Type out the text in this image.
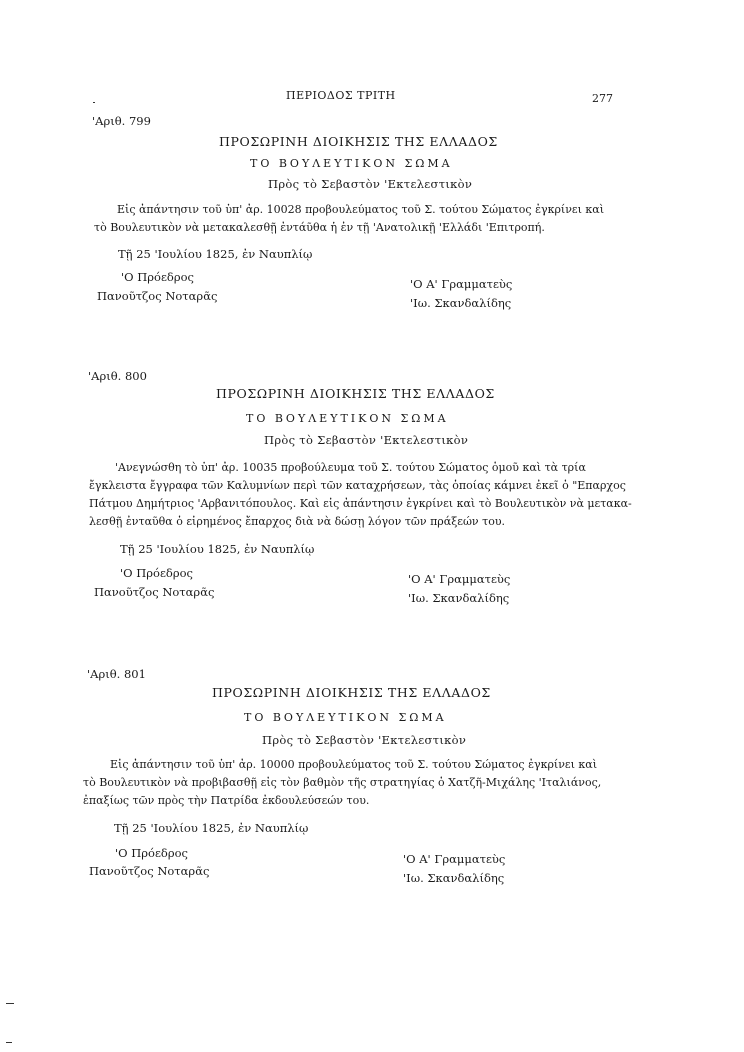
ΠΕΡΙΟΔΟΣ ΤΡΙΤΗ	277
'Αριθ. 799
ΠΡΟΣΩΡΙΝΗ ΔΙΟΙΚΗΣΙΣ ΤΗΣ ΕΛΛΑΔΟΣ
ΤΟ ΒΟΥΛΕΥΤΙΚΟΝ ΣΩΜΑ
Πρὸς τὸ Σεβαστὸν 'Εκτελεστικὸν
Εἰς ἀπάντησιν τοῦ ὑπ' ἀρ. 10028 προβουλεύματος τοῦ Σ. τούτου Σώματος ἐγκρίνει καὶ
τὸ Βουλευτικὸν νὰ μετακαλεσθῇ ἐντάῦθα ἡ ἐν τῇ 'Ανατολικῇ 'Ελλάδι 'Επιτροπή.
Τῇ 25 'Ιουλίου 1825, ἐν Ναυπλίῳ
'Ο Πρόεδρος
Πανοῦτζος Νοταρᾶς
'Ο Α' Γραμματεὺς
'Ιω. Σκανδαλίδης
'Αριθ. 800
ΠΡΟΣΩΡΙΝΗ ΔΙΟΙΚΗΣΙΣ ΤΗΣ ΕΛΛΑΔΟΣ
ΤΟ ΒΟΥΛΕΥΤΙΚΟΝ ΣΩΜΑ
Πρὸς τὸ Σεβαστὸν 'Εκτελεστικὸν
'Ανεγνώσθη τὸ ὑπ' ἀρ. 10035 προβούλευμα τοῦ Σ. τούτου Σώματος ὁμοῦ καὶ τὰ τρία
ἔγκλειστα ἔγγραφα τῶν Καλυμνίων περὶ τῶν καταχρήσεων, τὰς ὁποίας κάμνει ἐκεῖ ὁ "Επαρχος
Πάτμου Δημήτριος 'Αρβανιτόπουλος. Καὶ εἰς ἀπάντησιν ἐγκρίνει καὶ τὸ Βουλευτικὸν νὰ μετακα-
λεσθῇ ἐνταῦθα ὁ εἰρημένος ἔπαρχος διὰ νὰ δώσῃ λόγον τῶν πράξεών του.
Τῇ 25 'Ιουλίου 1825, ἐν Ναυπλίῳ
'Ο Πρόεδρος
Πανοῦτζος Νοταρᾶς
'Ο Α' Γραμματεὺς
'Ιω. Σκανδαλίδης
'Αριθ. 801
ΠΡΟΣΩΡΙΝΗ ΔΙΟΙΚΗΣΙΣ ΤΗΣ ΕΛΛΑΔΟΣ
ΤΟ ΒΟΥΛΕΥΤΙΚΟΝ ΣΩΜΑ
Πρὸς τὸ Σεβαστὸν 'Εκτελεστικὸν
Εἰς ἀπάντησιν τοῦ ὑπ' ἀρ. 10000 προβουλεύματος τοῦ Σ. τούτου Σώματος ἐγκρίνει καὶ
τὸ Βουλευτικὸν νὰ προβιβασθῇ εἰς τὸν βαθμὸν τῆς στρατηγίας ὁ Χατζῆ-Μιχάλης 'Ιταλιάνος,
ἐπαξίως τῶν πρὸς τὴν Πατρίδα ἐκδουλεύσεών του.
Τῇ 25 'Ιουλίου 1825, ἐν Ναυπλίῳ
'Ο Πρόεδρος
Πανοῦτζος Νοταρᾶς
'Ο Α' Γραμματεὺς
'Ιω. Σκανδαλίδης
